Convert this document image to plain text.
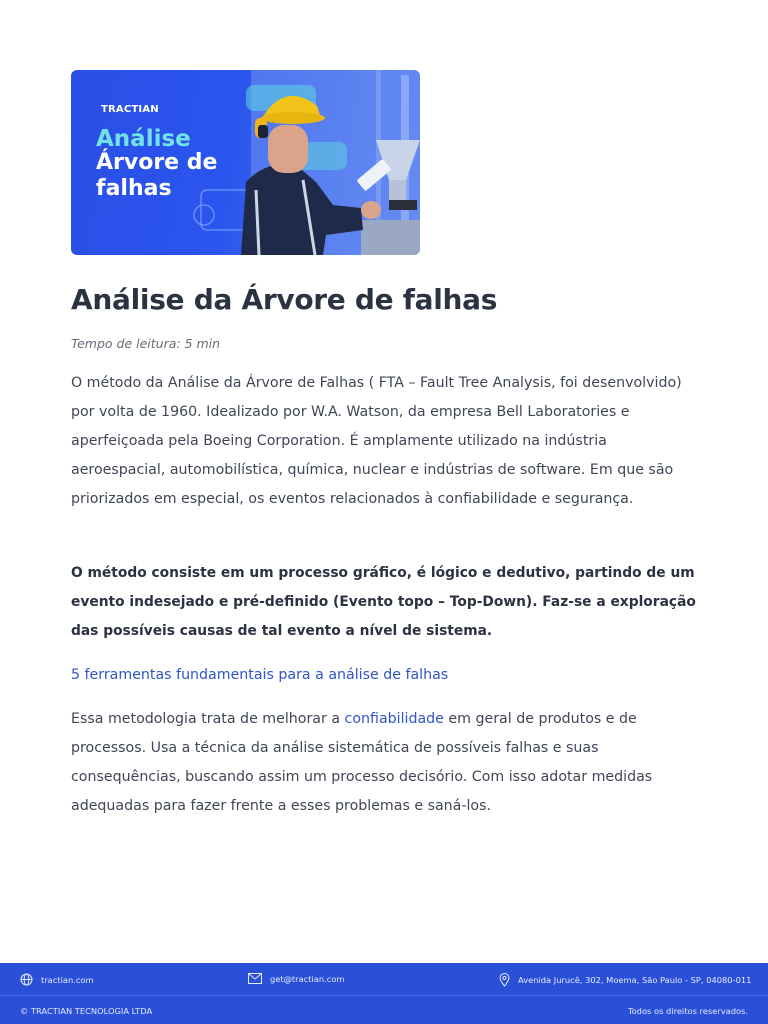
TRACTIAN
Análise
Árvore de
falhas
Análise da Árvore de falhas
Tempo de leitura: 5 min

O método da Análise da Árvore de Falhas ( FTA – Fault Tree Analysis, foi desenvolvido) por volta de 1960. Idealizado por W.A. Watson, da empresa Bell Laboratories e aperfeiçoada pela Boeing Corporation. É amplamente utilizado na indústria aeroespacial, automobilística, química, nuclear e indústrias de software. Em que são priorizados em especial, os eventos relacionados à confiabilidade e segurança.

O método consiste em um processo gráfico, é lógico e dedutivo, partindo de um evento indesejado e pré-definido (Evento topo – Top-Down). Faz-se a exploração das possíveis causas de tal evento a nível de sistema.

5 ferramentas fundamentais para a análise de falhas

Essa metodologia trata de melhorar a confiabilidade em geral de produtos e de processos. Usa a técnica da análise sistemática de possíveis falhas e suas consequências, buscando assim um processo decisório. Com isso adotar medidas adequadas para fazer frente a esses problemas e saná-los.

tractian.com	get@tractian.com	Avenida Jurucê, 302, Moema, São Paulo - SP, 04080-011
© TRACTIAN TECNOLOGIA LTDA	Todos os direitos reservados.
